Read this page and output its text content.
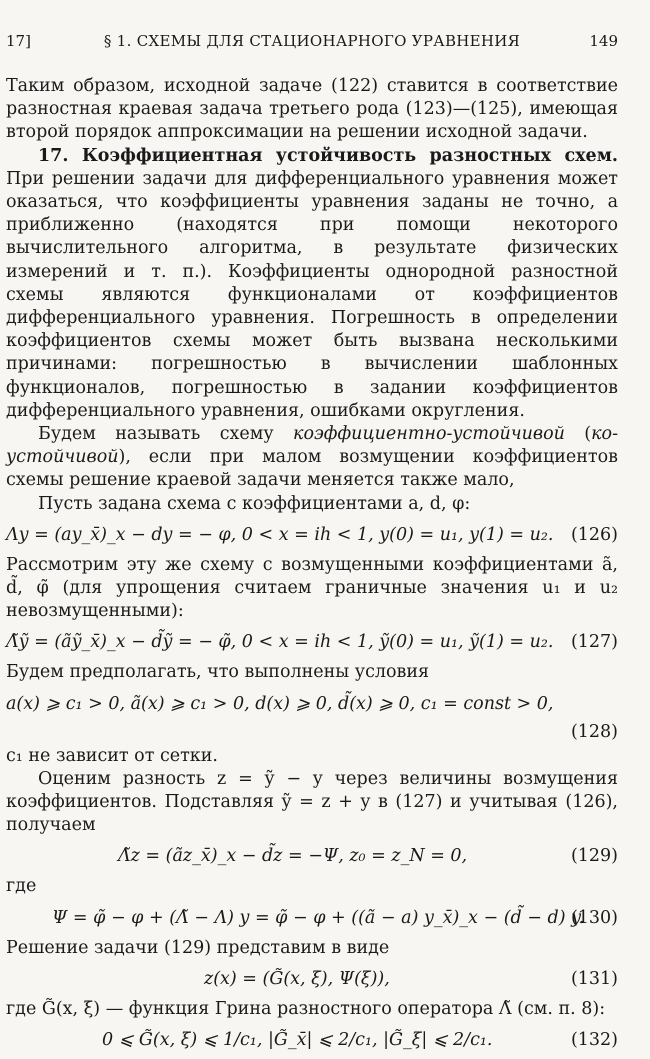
17]	§ 1. СХЕМЫ ДЛЯ СТАЦИОНАРНОГО УРАВНЕНИЯ	149

Таким образом, исходной задаче (122) ставится в соответствие разностная краевая задача третьего рода (123)—(125), имеющая второй порядок аппроксимации на решении исходной задачи.

17. Коэффициентная устойчивость разностных схем. При решении задачи для дифференциального уравнения может оказаться, что коэффициенты уравнения заданы не точно, а приближенно (находятся при помощи некоторого вычислительного алгоритма, в результате физических измерений и т. п.). Коэффициенты однородной разностной схемы являются функционалами от коэффициентов дифференциального уравнения. Погрешность в определении коэффициентов схемы может быть вызвана несколькими причинами: погрешностью в вычислении шаблонных функционалов, погрешностью в задании коэффициентов дифференциального уравнения, ошибками округления.

Будем называть схему коэффициентно-устойчивой (ко-устойчивой), если при малом возмущении коэффициентов схемы решение краевой задачи меняется также мало,

Пусть задана схема с коэффициентами a, d, φ:

Λy = (ay_x̄)_x − dy = − φ, 0 < x = ih < 1, y(0) = u₁, y(1) = u₂. (126)

Рассмотрим эту же схему с возмущенными коэффициентами ã, d̃, φ̃ (для упрощения считаем граничные значения u₁ и u₂ невозмущенными):

Λ̃ỹ = (ãỹ_x̄)_x − d̃ỹ = − φ̃, 0 < x = ih < 1, ỹ(0) = u₁, ỹ(1) = u₂. (127)

Будем предполагать, что выполнены условия

a(x) ⩾ c₁ > 0, ã(x) ⩾ c₁ > 0, d(x) ⩾ 0, d̃(x) ⩾ 0, c₁ = const > 0,
(128)

c₁ не зависит от сетки.

Оценим разность z = ỹ − y через величины возмущения коэффициентов. Подставляя ỹ = z + y в (127) и учитывая (126), получаем

Λ̃z = (ãz_x̄)_x − d̃z = −Ψ, z₀ = z_N = 0,	(129)

где

Ψ = φ̃ − φ + (Λ̃ − Λ) y = φ̃ − φ + ((ã − a) y_x̄)_x − (d̃ − d) y.
(130)

Решение задачи (129) представим в виде

z(x) = (G̃(x, ξ), Ψ(ξ)),	(131)

где G̃(x, ξ) — функция Грина разностного оператора Λ̃ (см. п. 8):

0 ⩽ G̃(x, ξ) ⩽ 1/c₁, |G̃_x̄| ⩽ 2/c₁, |G̃_ξ| ⩽ 2/c₁.	(132)
